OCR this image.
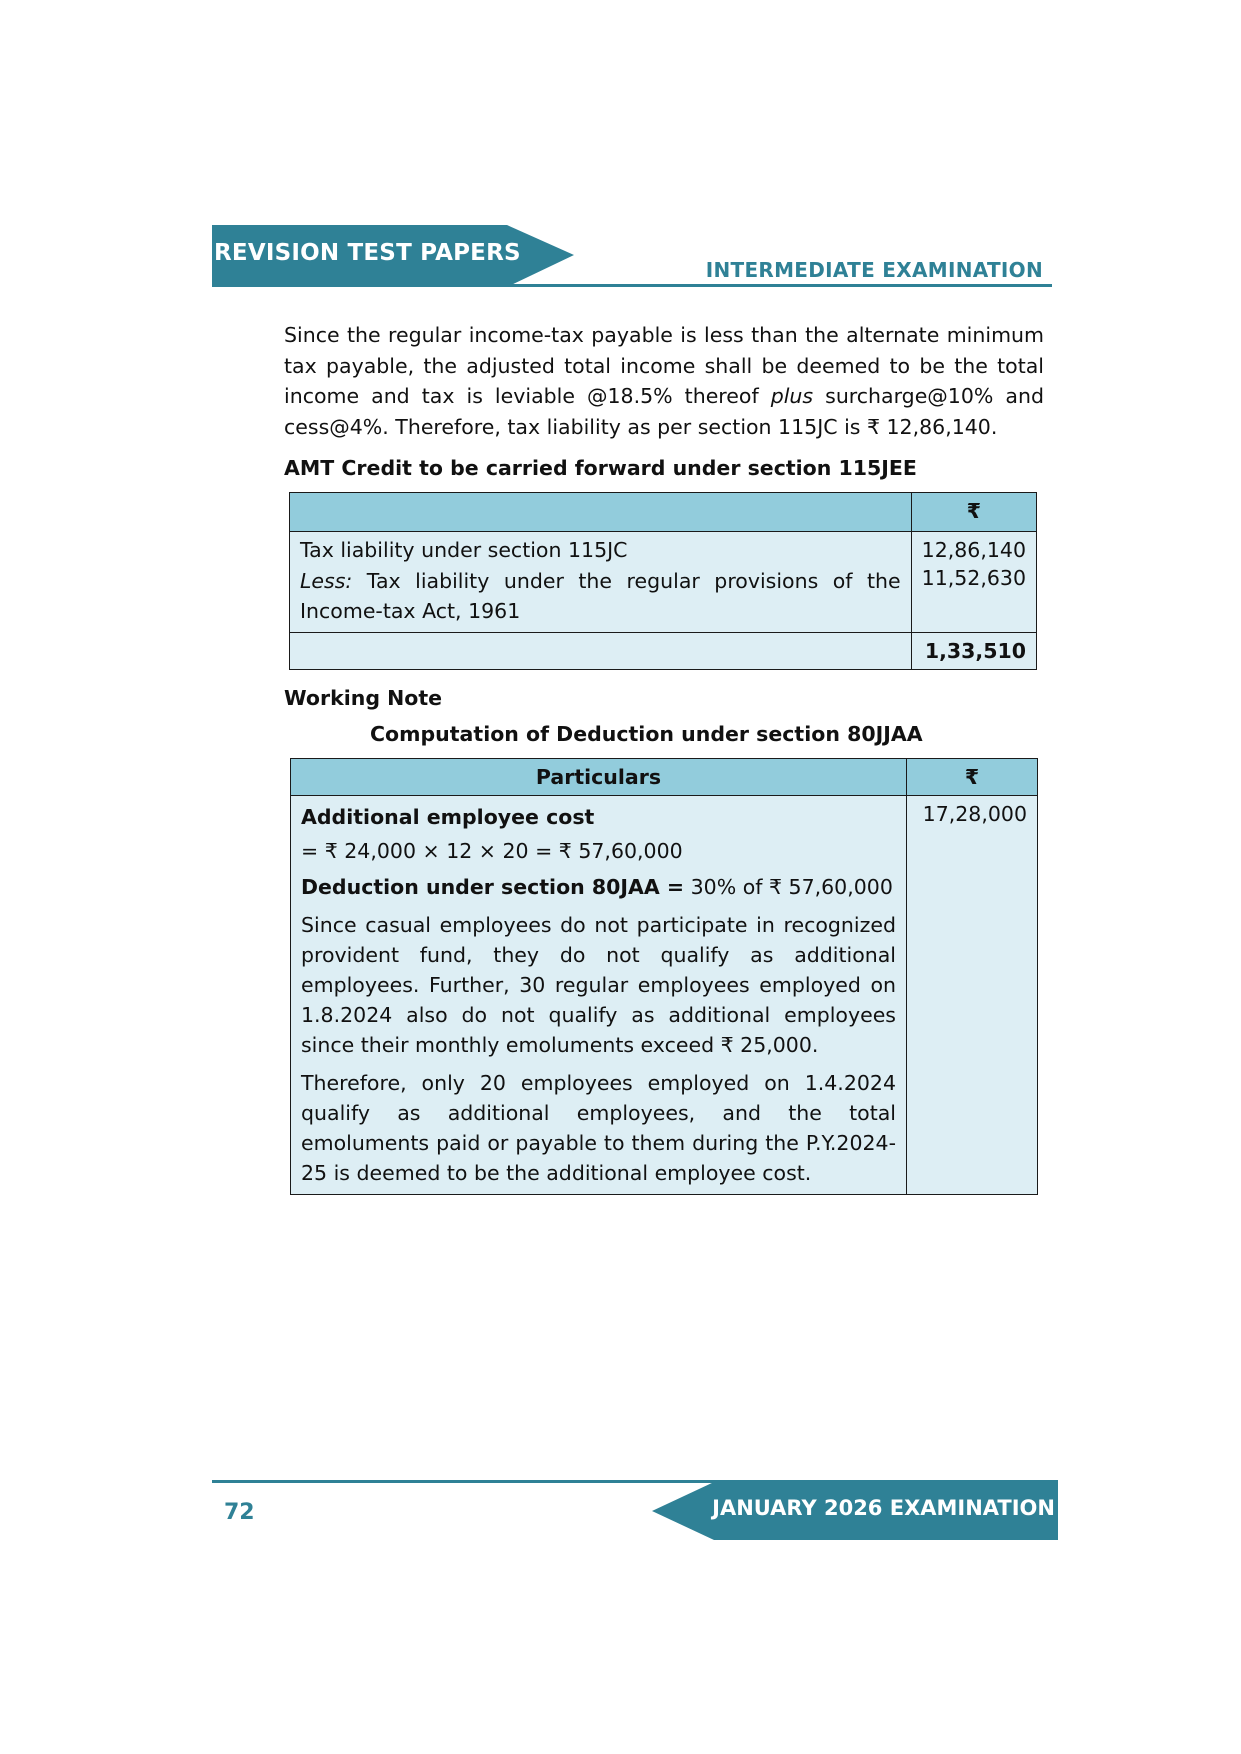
REVISION TEST PAPERS
INTERMEDIATE EXAMINATION

Since the regular income-tax payable is less than the alternate minimum tax payable, the adjusted total income shall be deemed to be the total income and tax is leviable @18.5% thereof plus surcharge@10% and cess@4%. Therefore, tax liability as per section 115JC is ₹ 12,86,140.

AMT Credit to be carried forward under section 115JEE
	₹
Tax liability under section 115JC	12,86,140
Less: Tax liability under the regular provisions of the Income-tax Act, 1961	11,52,630
	1,33,510
Working Note
Computation of Deduction under section 80JJAA
Particulars	₹

Additional employee cost

= ₹ 24,000 × 12 × 20 = ₹ 57,60,000

Deduction under section 80JAA = 30% of ₹ 57,60,000

Since casual employees do not participate in recognized provident fund, they do not qualify as additional employees. Further, 30 regular employees employed on 1.8.2024 also do not qualify as additional employees since their monthly emoluments exceed ₹ 25,000.

Therefore, only 20 employees employed on 1.4.2024 qualify as additional employees, and the total emoluments paid or payable to them during the P.Y.2024-25 is deemed to be the additional employee cost.	17,28,000
JANUARY 2026 EXAMINATION
72
